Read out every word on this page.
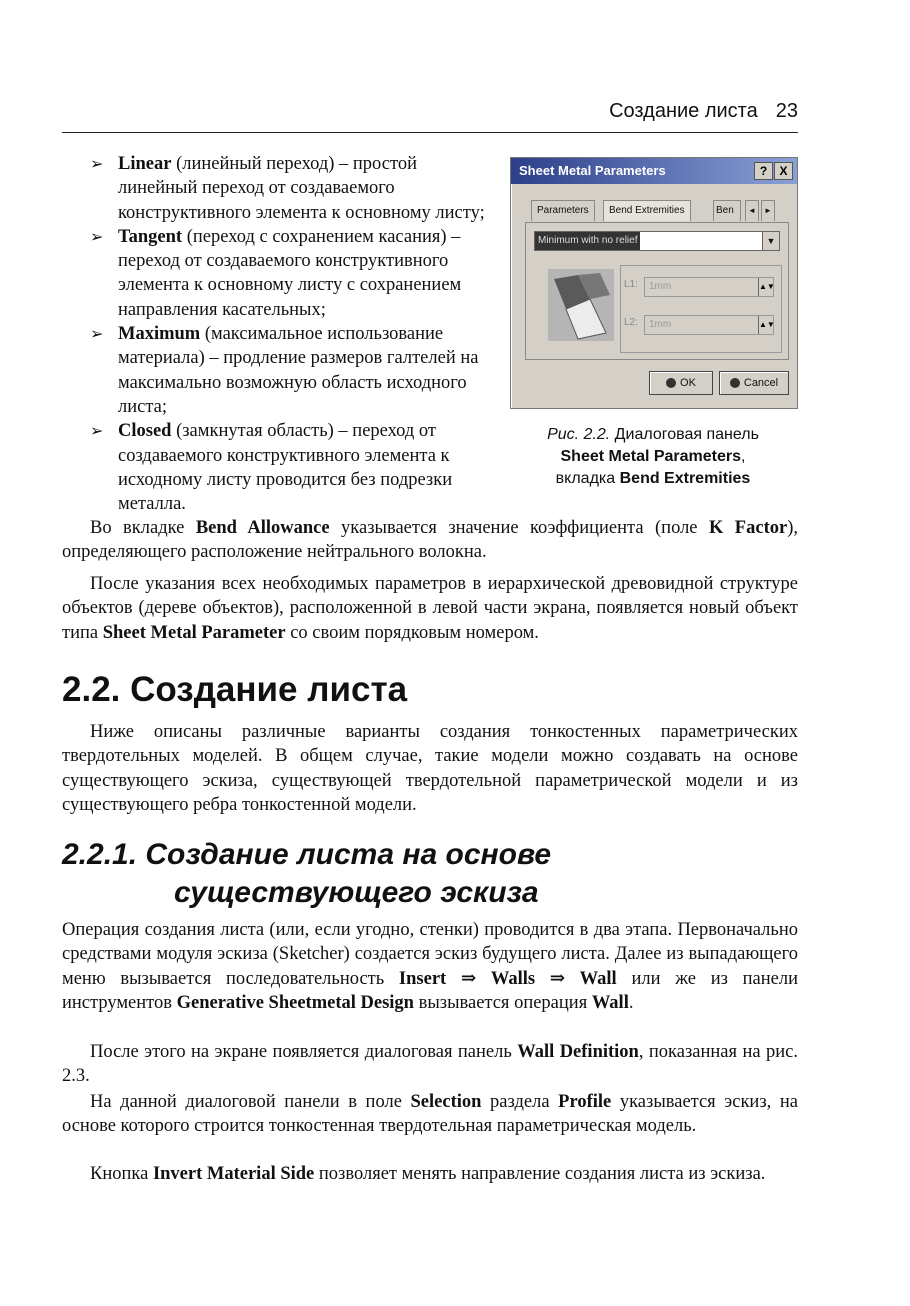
Создание листа 23

➢ Linear (линейный переход) – простой линейный переход от создаваемого конструктивного элемента к основному листу;

➢ Tangent (переход с сохранением касания) – переход от создаваемого конструктивного элемента к основному листу с сохранением направления касательных;

➢ Maximum (максимальное использование материала) – продление размеров галтелей на максимально возможную область исходного листа;

➢ Closed (замкнутая область) – переход от создаваемого конструктивного элемента к исходному листу проводится без подрезки металла.

Sheet Metal Parameters	?	X
Parameters	Bend Extremities	Ben	◄	►
Minimum with no relief	▼
L1:	1mm	▲▼
L2:	1mm	▲▼
OK	Cancel
Рис. 2.2. Диалоговая панель
Sheet Metal Parameters,
вкладка Bend Extremities

Во вкладке Bend Allowance указывается значение коэффициента (поле K Factor), определяющего расположение нейтрального волокна.

После указания всех необходимых параметров в иерархической древовидной структуре объектов (дереве объектов), расположенной в левой части экрана, появляется новый объект типа Sheet Metal Parameter со своим порядковым номером.

2.2. Создание листа

Ниже описаны различные варианты создания тонкостенных параметрических твердотельных моделей. В общем случае, такие модели можно создавать на основе существующего эскиза, существующей твердотельной параметрической модели и из существующего ребра тонкостенной модели.

2.2.1. Создание листа на основе
существующего эскиза

Операция создания листа (или, если угодно, стенки) проводится в два этапа. Первоначально средствами модуля эскиза (Sketcher) создается эскиз будущего листа. Далее из выпадающего меню вызывается последовательность Insert ⇒ Walls ⇒ Wall или же из панели инструментов Generative Sheetmetal Design вызывается операция Wall.

После этого на экране появляется диалоговая панель Wall Definition, показанная на рис. 2.3.

На данной диалоговой панели в поле Selection раздела Profile указывается эскиз, на основе которого строится тонкостенная твердотельная параметрическая модель.

Кнопка Invert Material Side позволяет менять направление создания листа из эскиза.
